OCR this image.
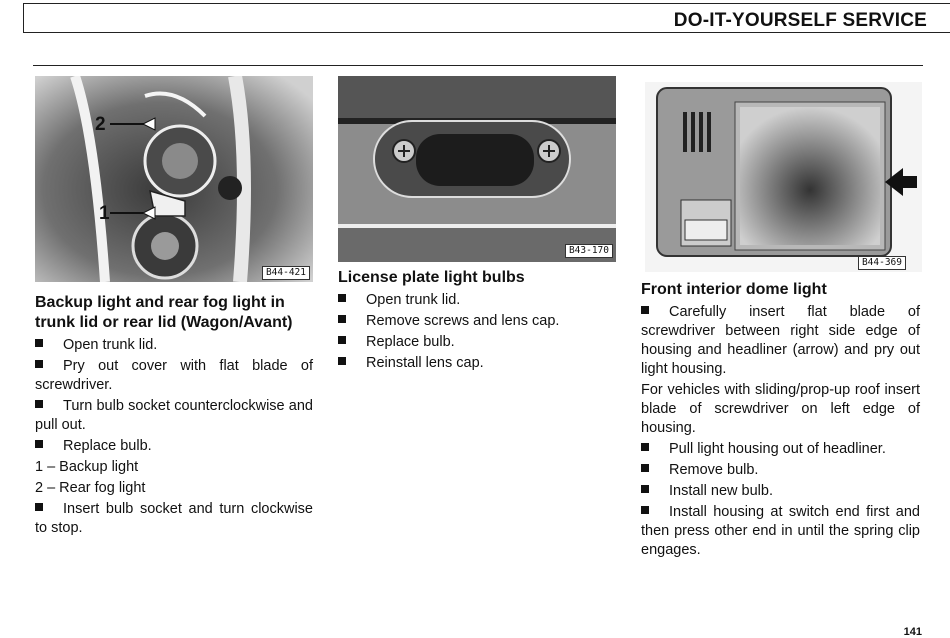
DO-IT-YOURSELF SERVICE
2
1
B44-421
B43-170
B44-369
Backup light and rear fog light in trunk lid or rear lid (Wagon/Avant)

Open trunk lid.

Pry out cover with flat blade of screwdriver.

Turn bulb socket counterclockwise and pull out.

Replace bulb.

1 – Backup light

2 – Rear fog light

Insert bulb socket and turn clockwise to stop.

License plate light bulbs

Open trunk lid.

Remove screws and lens cap.

Replace bulb.

Reinstall lens cap.

Front interior dome light

Carefully insert flat blade of screwdriver between right side edge of housing and headliner (arrow) and pry out light housing.

For vehicles with sliding/prop-up roof insert blade of screwdriver on left edge of housing.

Pull light housing out of headliner.

Remove bulb.

Install new bulb.

Install housing at switch end first and then press other end in until the spring clip engages.

141
